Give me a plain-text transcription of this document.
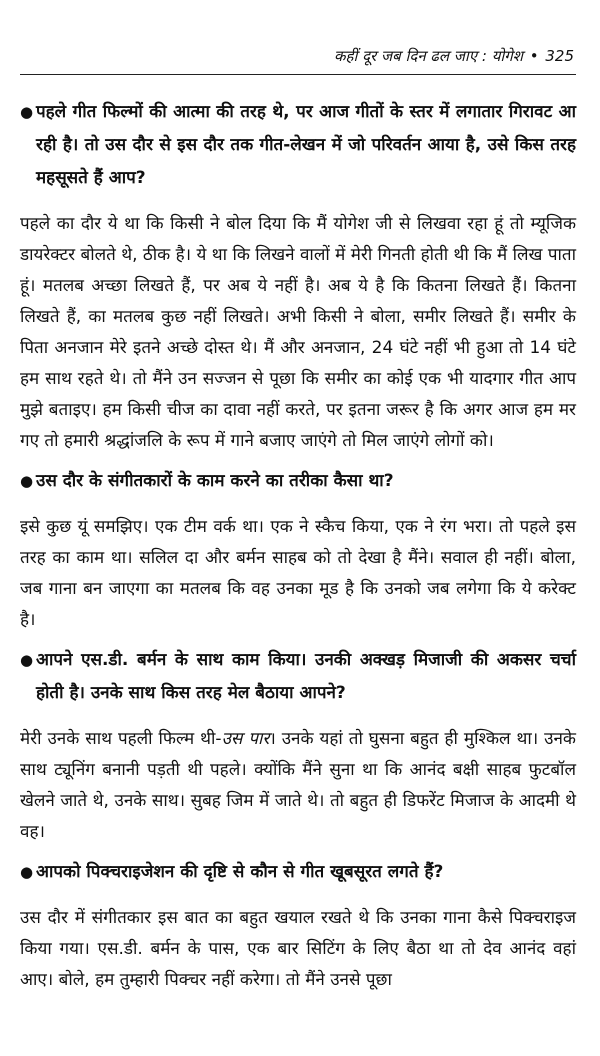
कहीं दूर जब दिन ढल जाए : योगेश • 325
● पहले गीत फिल्मों की आत्मा की तरह थे, पर आज गीतों के स्तर में लगातार गिरावट आ रही है। तो उस दौर से इस दौर तक गीत-लेखन में जो परिवर्तन आया है, उसे किस तरह महसूसते हैं आप?

पहले का दौर ये था कि किसी ने बोल दिया कि मैं योगेश जी से लिखवा रहा हूं तो म्यूजिक डायरेक्टर बोलते थे, ठीक है। ये था कि लिखने वालों में मेरी गिनती होती थी कि मैं लिख पाता हूं। मतलब अच्छा लिखते हैं, पर अब ये नहीं है। अब ये है कि कितना लिखते हैं। कितना लिखते हैं, का मतलब कुछ नहीं लिखते। अभी किसी ने बोला, समीर लिखते हैं। समीर के पिता अनजान मेरे इतने अच्छे दोस्त थे। मैं और अनजान, 24 घंटे नहीं भी हुआ तो 14 घंटे हम साथ रहते थे। तो मैंने उन सज्जन से पूछा कि समीर का कोई एक भी यादगार गीत आप मुझे बताइए। हम किसी चीज का दावा नहीं करते, पर इतना जरूर है कि अगर आज हम मर गए तो हमारी श्रद्धांजलि के रूप में गाने बजाए जाएंगे तो मिल जाएंगे लोगों को।

● उस दौर के संगीतकारों के काम करने का तरीका कैसा था?

इसे कुछ यूं समझिए। एक टीम वर्क था। एक ने स्कैच किया, एक ने रंग भरा। तो पहले इस तरह का काम था। सलिल दा और बर्मन साहब को तो देखा है मैंने। सवाल ही नहीं। बोला, जब गाना बन जाएगा का मतलब कि वह उनका मूड है कि उनको जब लगेगा कि ये करेक्ट है।

● आपने एस.डी. बर्मन के साथ काम किया। उनकी अक्खड़ मिजाजी की अकसर चर्चा होती है। उनके साथ किस तरह मेल बैठाया आपने?

मेरी उनके साथ पहली फिल्म थी-उस पार। उनके यहां तो घुसना बहुत ही मुश्किल था। उनके साथ ट्यूनिंग बनानी पड़ती थी पहले। क्योंकि मैंने सुना था कि आनंद बक्षी साहब फुटबॉल खेलने जाते थे, उनके साथ। सुबह जिम में जाते थे। तो बहुत ही डिफरेंट मिजाज के आदमी थे वह।

● आपको पिक्चराइजेशन की दृष्टि से कौन से गीत खूबसूरत लगते हैं?

उस दौर में संगीतकार इस बात का बहुत खयाल रखते थे कि उनका गाना कैसे पिक्चराइज किया गया। एस.डी. बर्मन के पास, एक बार सिटिंग के लिए बैठा था तो देव आनंद वहां आए। बोले, हम तुम्हारी पिक्चर नहीं करेगा। तो मैंने उनसे पूछा
